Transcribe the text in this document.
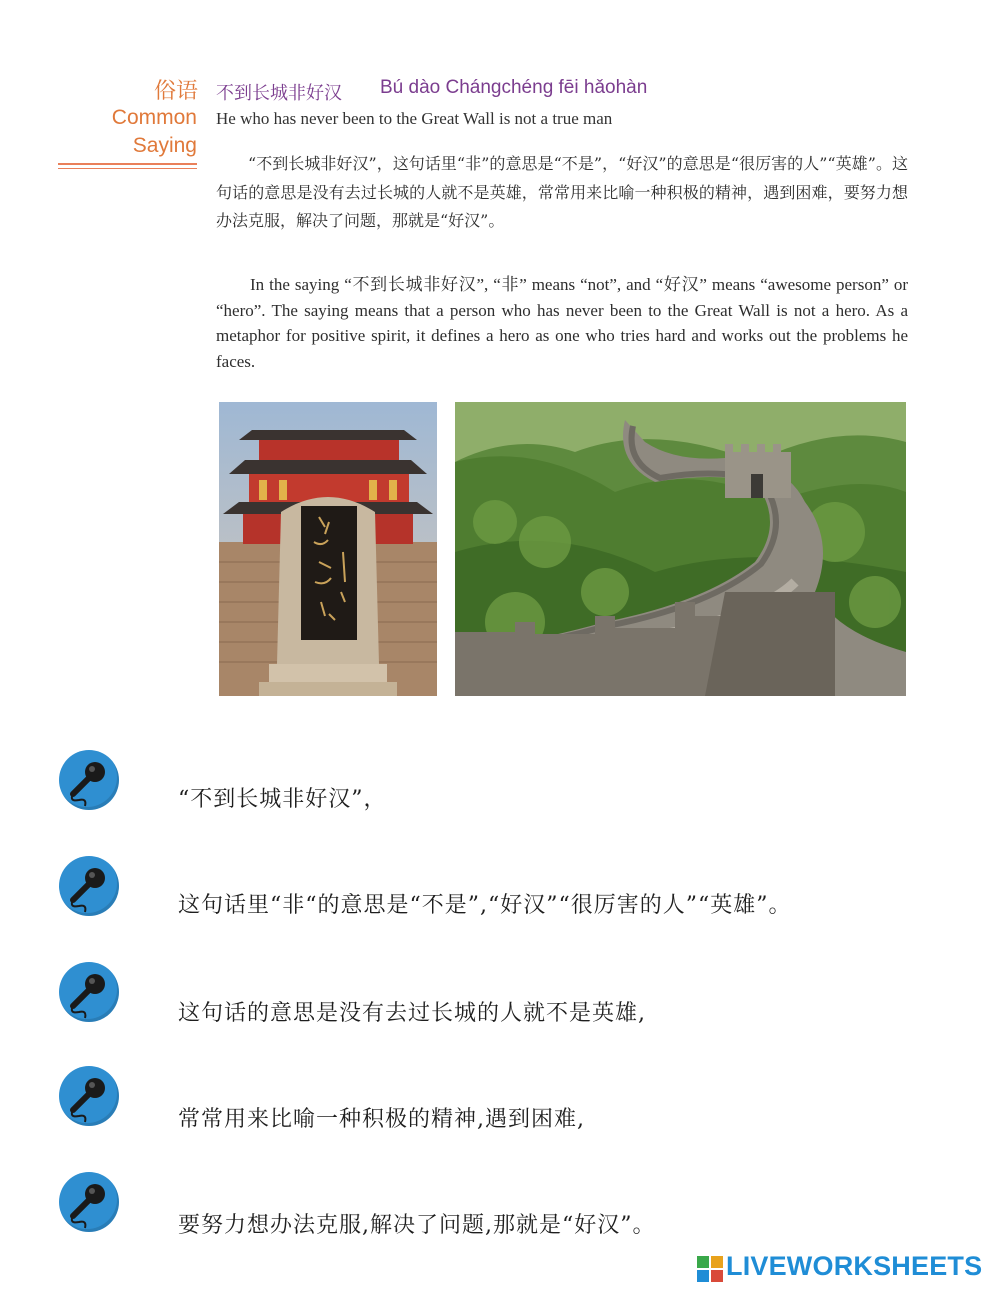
俗语
Common
Saying
不到长城非好汉 Bú dào Chángchéng fēi hǎohàn
He who has never been to the Great Wall is not a true man
“不到长城非好汉”，这句话里“非”的意思是“不是”，“好汉”的意思是“很厉害的人”“英雄”。这句话的意思是没有去过长城的人就不是英雄，常常用来比喻一种积极的精神，遇到困难，要努力想办法克服，解决了问题，那就是“好汉”。
In the saying “不到长城非好汉”, “非” means “not”, and “好汉” means “awesome person” or “hero”. The saying means that a person who has never been to the Great Wall is not a hero. As a metaphor for positive spirit, it defines a hero as one who tries hard and works out the problems he faces.
“不到长城非好汉”，
这句话里“非“的意思是“不是”,“好汉”“很厉害的人”“英雄”。
这句话的意思是没有去过长城的人就不是英雄,
常常用来比喻一种积极的精神,遇到困难,
要努力想办法克服,解决了问题,那就是“好汉”。
LIVEWORKSHEETS
